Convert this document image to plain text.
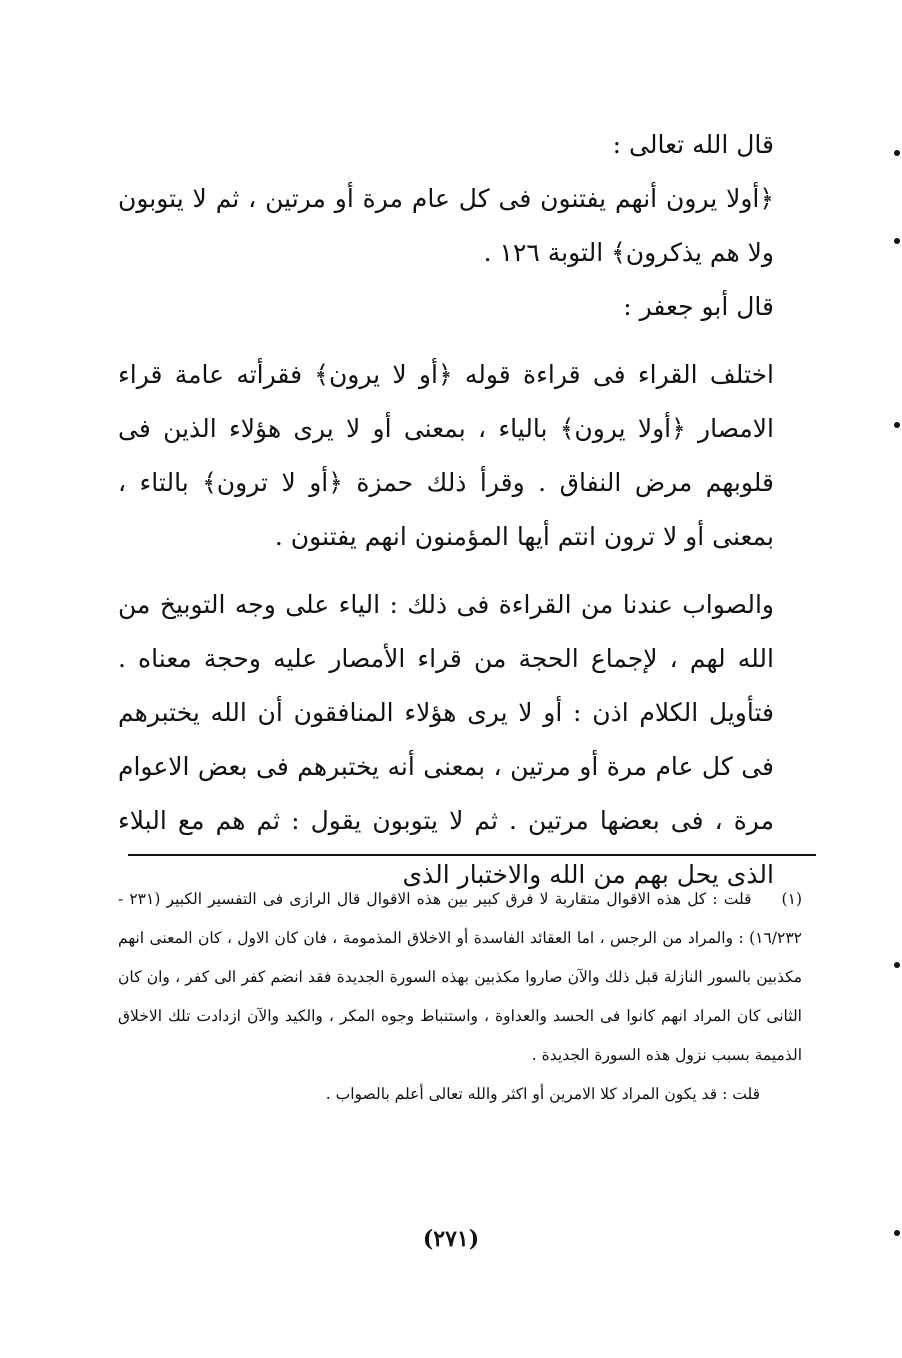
قال الله تعالى :

﴿أولا يرون أنهم يفتنون فى كل عام مرة أو مرتين ، ثم لا يتوبون ولا هم يذكرون﴾ التوبة ١٢٦ .

قال أبو جعفر :

اختلف القراء فى قراءة قوله ﴿أو لا يرون﴾ فقرأته عامة قراء الامصار ﴿أولا يرون﴾ بالياء ، بمعنى أو لا يرى هؤلاء الذين فى قلوبهم مرض النفاق . وقرأ ذلك حمزة ﴿أو لا ترون﴾ بالتاء ، بمعنى أو لا ترون انتم أيها المؤمنون انهم يفتنون .

والصواب عندنا من القراءة فى ذلك : الياء على وجه التوبيخ من الله لهم ، لإجماع الحجة من قراء الأمصار عليه وحجة معناه . فتأويل الكلام اذن : أو لا يرى هؤلاء المنافقون أن الله يختبرهم فى كل عام مرة أو مرتين ، بمعنى أنه يختبرهم فى بعض الاعوام مرة ، فى بعضها مرتين . ثم لا يتوبون يقول : ثم هم مع البلاء الذى يحل بهم من الله والاختبار الذى

(١)قلت : كل هذه الاقوال متقاربة لا فرق كبير بين هذه الاقوال قال الرازى فى التفسير الكبير (٢٣١ - ١٦/٢٣٢) : والمراد من الرجس ، اما العقائد الفاسدة أو الاخلاق المذمومة ، فان كان الاول ، كان المعنى انهم مكذبين بالسور النازلة قبل ذلك والآن صاروا مكذبين بهذه السورة الجديدة فقد انضم كفر الى كفر ، وان كان الثانى كان المراد انهم كانوا فى الحسد والعداوة ، واستنباط وجوه المكر ، والكيد والآن ازدادت تلك الاخلاق الذميمة بسبب نزول هذه السورة الجديدة .

قلت : قد يكون المراد كلا الامرين أو اكثر والله تعالى أعلم بالصواب .

(٢٧١)
